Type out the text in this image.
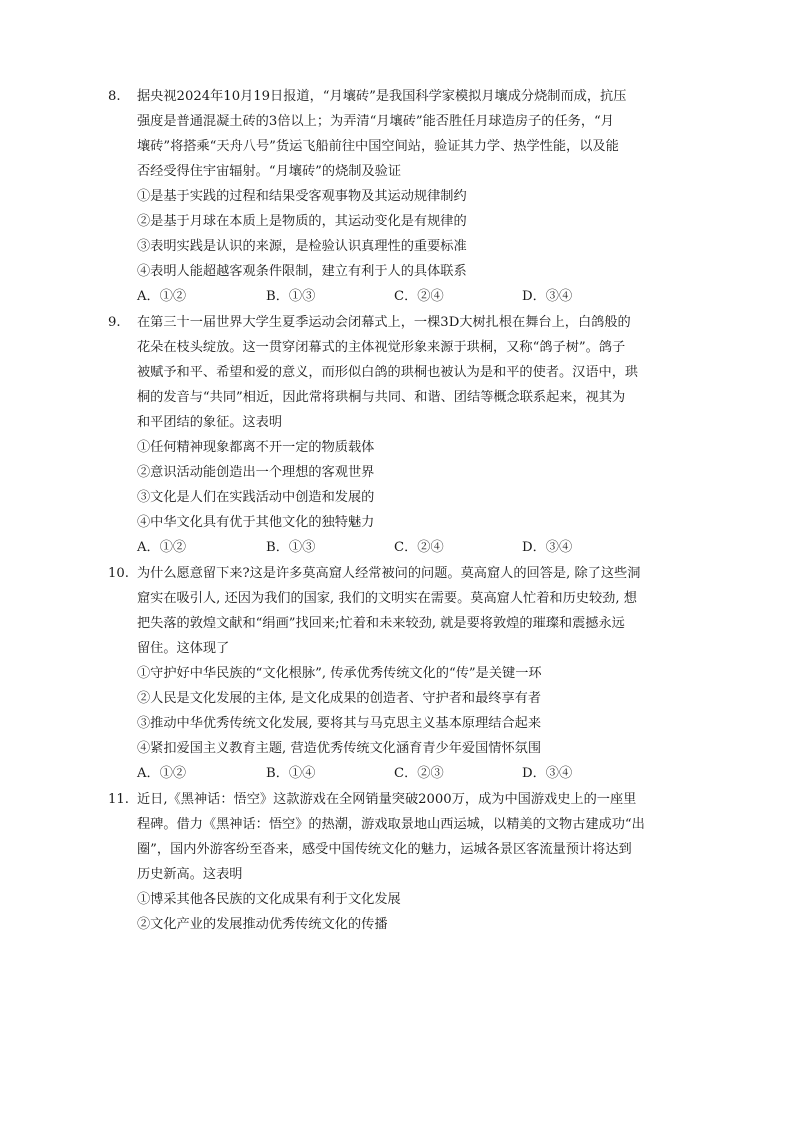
8.	据央视2024年10月19日报道，“月壤砖”是我国科学家模拟月壤成分烧制而成，抗压
强度是普通混凝土砖的3倍以上；为弄清“月壤砖”能否胜任月球造房子的任务，“月
壤砖”将搭乘“天舟八号”货运飞船前往中国空间站，验证其力学、热学性能，以及能
否经受得住宇宙辐射。“月壤砖”的烧制及验证
①是基于实践的过程和结果受客观事物及其运动规律制约
②是基于月球在本质上是物质的，其运动变化是有规律的
③表明实践是认识的来源，是检验认识真理性的重要标准
④表明人能超越客观条件限制，建立有利于人的具体联系
A．①②	B．①③	C．②④	D．③④
9.	在第三十一届世界大学生夏季运动会闭幕式上，一棵3D大树扎根在舞台上，白鸽般的
花朵在枝头绽放。这一贯穿闭幕式的主体视觉形象来源于珙桐，又称“鸽子树”。鸽子
被赋予和平、希望和爱的意义，而形似白鸽的珙桐也被认为是和平的使者。汉语中，珙
桐的发音与“共同”相近，因此常将珙桐与共同、和谐、团结等概念联系起来，视其为
和平团结的象征。这表明
①任何精神现象都离不开一定的物质载体
②意识活动能创造出一个理想的客观世界
③文化是人们在实践活动中创造和发展的
④中华文化具有优于其他文化的独特魅力
A．①②	B．①③	C．②④	D．③④
10. 为什么愿意留下来?这是许多莫高窟人经常被问的问题。莫高窟人的回答是, 除了这些洞
窟实在吸引人, 还因为我们的国家, 我们的文明实在需要。莫高窟人忙着和历史较劲, 想
把失落的敦煌文献和“绢画”找回来;忙着和未来较劲, 就是要将敦煌的璀璨和震撼永远
留住。这体现了
①守护好中华民族的“文化根脉”, 传承优秀传统文化的“传”是关键一环
②人民是文化发展的主体, 是文化成果的创造者、守护者和最终享有者
③推动中华优秀传统文化发展, 要将其与马克思主义基本原理结合起来
④紧扣爱国主义教育主题, 营造优秀传统文化涵育青少年爱国情怀氛围
A．①②	B．①④	C．②③	D．③④
11. 近日,《黑神话：悟空》这款游戏在全网销量突破2000万，成为中国游戏史上的一座里
程碑。借力《黑神话：悟空》的热潮，游戏取景地山西运城，以精美的文物古建成功“出
圈”，国内外游客纷至沓来，感受中国传统文化的魅力，运城各景区客流量预计将达到
历史新高。这表明
①博采其他各民族的文化成果有利于文化发展
②文化产业的发展推动优秀传统文化的传播
